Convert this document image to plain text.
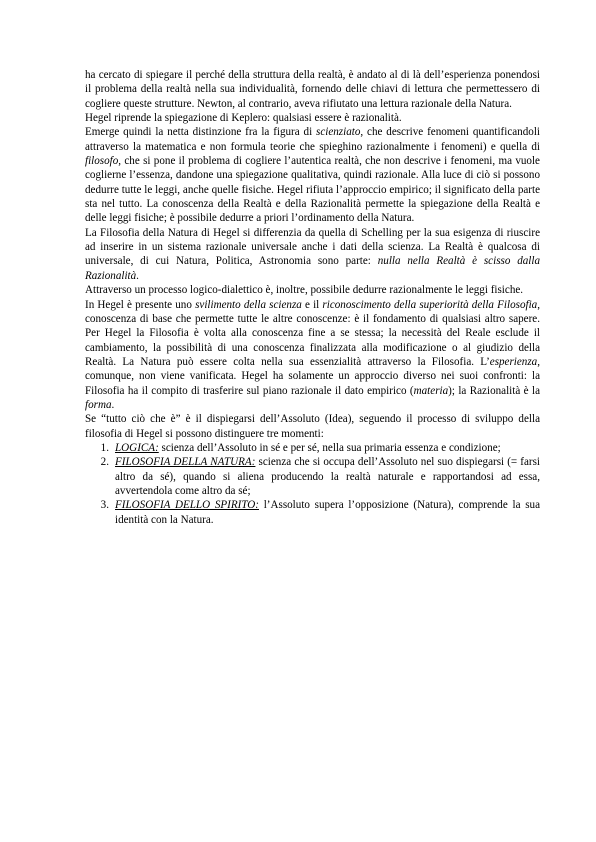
ha cercato di spiegare il perché della struttura della realtà, è andato al di là dell’esperienza ponendosi il problema della realtà nella sua individualità, fornendo delle chiavi di lettura che permettessero di cogliere queste strutture. Newton, al contrario, aveva rifiutato una lettura razionale della Natura.

Hegel riprende la spiegazione di Keplero: qualsiasi essere è razionalità.

Emerge quindi la netta distinzione fra la figura di scienziato, che descrive fenomeni quantificandoli attraverso la matematica e non formula teorie che spieghino razionalmente i fenomeni) e quella di filosofo, che si pone il problema di cogliere l’autentica realtà, che non descrive i fenomeni, ma vuole coglierne l’essenza, dandone una spiegazione qualitativa, quindi razionale. Alla luce di ciò si possono dedurre tutte le leggi, anche quelle fisiche. Hegel rifiuta l’approccio empirico; il significato della parte sta nel tutto. La conoscenza della Realtà e della Razionalità permette la spiegazione della Realtà e delle leggi fisiche; è possibile dedurre a priori l’ordinamento della Natura.

La Filosofia della Natura di Hegel si differenzia da quella di Schelling per la sua esigenza di riuscire ad inserire in un sistema razionale universale anche i dati della scienza. La Realtà è qualcosa di universale, di cui Natura, Politica, Astronomia sono parte: nulla nella Realtà è scisso dalla Razionalità.

Attraverso un processo logico-dialettico è, inoltre, possibile dedurre razionalmente le leggi fisiche.

In Hegel è presente uno svilimento della scienza e il riconoscimento della superiorità della Filosofia, conoscenza di base che permette tutte le altre conoscenze: è il fondamento di qualsiasi altro sapere. Per Hegel la Filosofia è volta alla conoscenza fine a se stessa; la necessità del Reale esclude il cambiamento, la possibilità di una conoscenza finalizzata alla modificazione o al giudizio della Realtà. La Natura può essere colta nella sua essenzialità attraverso la Filosofia. L’esperienza, comunque, non viene vanificata. Hegel ha solamente un approccio diverso nei suoi confronti: la Filosofia ha il compito di trasferire sul piano razionale il dato empirico (materia); la Razionalità è la forma.

Se “tutto ciò che è” è il dispiegarsi dell’Assoluto (Idea), seguendo il processo di sviluppo della filosofia di Hegel si possono distinguere tre momenti:

1. LOGICA: scienza dell’Assoluto in sé e per sé, nella sua primaria essenza e condizione;
2. FILOSOFIA DELLA NATURA: scienza che si occupa dell’Assoluto nel suo dispiegarsi (= farsi altro da sé), quando si aliena producendo la realtà naturale e rapportandosi ad essa, avvertendola come altro da sé;
3. FILOSOFIA DELLO SPIRITO: l’Assoluto supera l’opposizione (Natura), comprende la sua identità con la Natura.
